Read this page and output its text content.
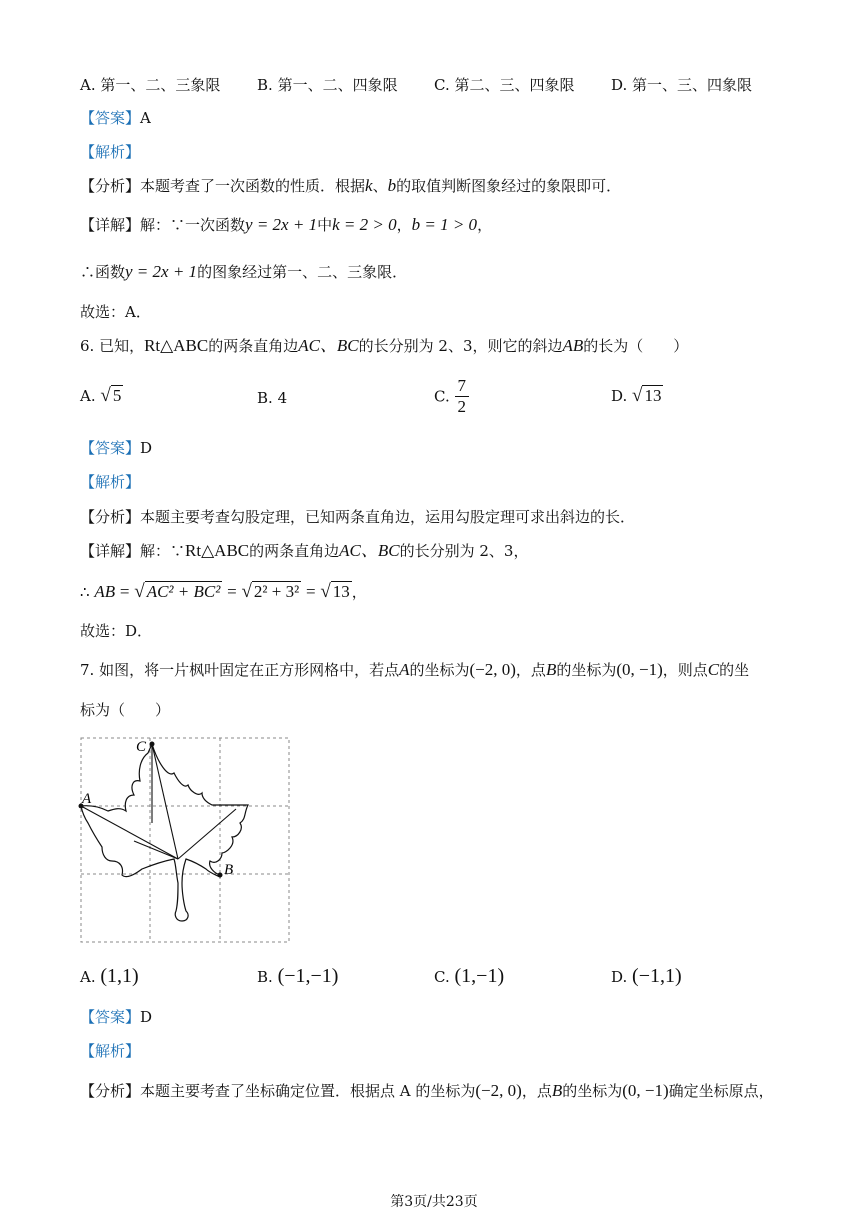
A. 第一、二、三象限 B. 第一、二、四象限 C. 第二、三、四象限 D. 第一、三、四象限
【答案】A
【解析】
【分析】本题考查了一次函数的性质．根据k、b的取值判断图象经过的象限即可．
【详解】解：∵一次函数y = 2x + 1中k = 2 > 0，b = 1 > 0，
∴函数y = 2x + 1的图象经过第一、二、三象限．
故选：A．
6. 已知，Rt△ABC的两条直角边AC、BC的长分别为 2、3，则它的斜边AB的长为（　　）
A. √ 5	B. 4	C. $\frac{7}{2}$	D. √ 13
【答案】D
【解析】
【分析】本题主要考查勾股定理，已知两条直角边，运用勾股定理可求出斜边的长．
【详解】解：∵Rt△ABC的两条直角边AC、BC的长分别为 2、3，
∴ AB = √ AC² + BC² = √ 2² + 3² = √ 13 ，
故选：D．
7. 如图，将一片枫叶固定在正方形网格中，若点A的坐标为(−2, 0)，点B的坐标为(0, −1)，则点C的坐
标为（　　）
C
A
B
A. (1,1)	B. (−1,−1)	C. (1,−1)	D. (−1,1)
【答案】D
【解析】
【分析】本题主要考查了坐标确定位置．根据点 A 的坐标为(−2, 0)，点B的坐标为(0, −1)确定坐标原点，
第3页/共23页
